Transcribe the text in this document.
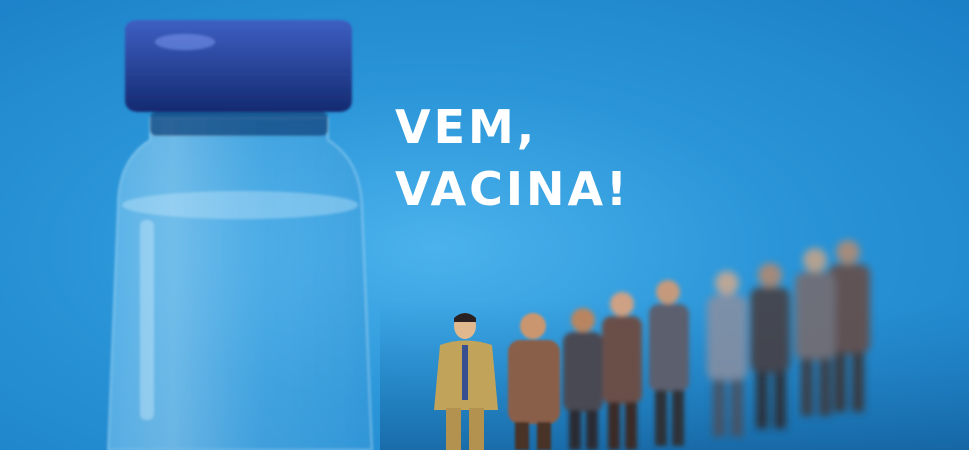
VEM,
VACINA!
